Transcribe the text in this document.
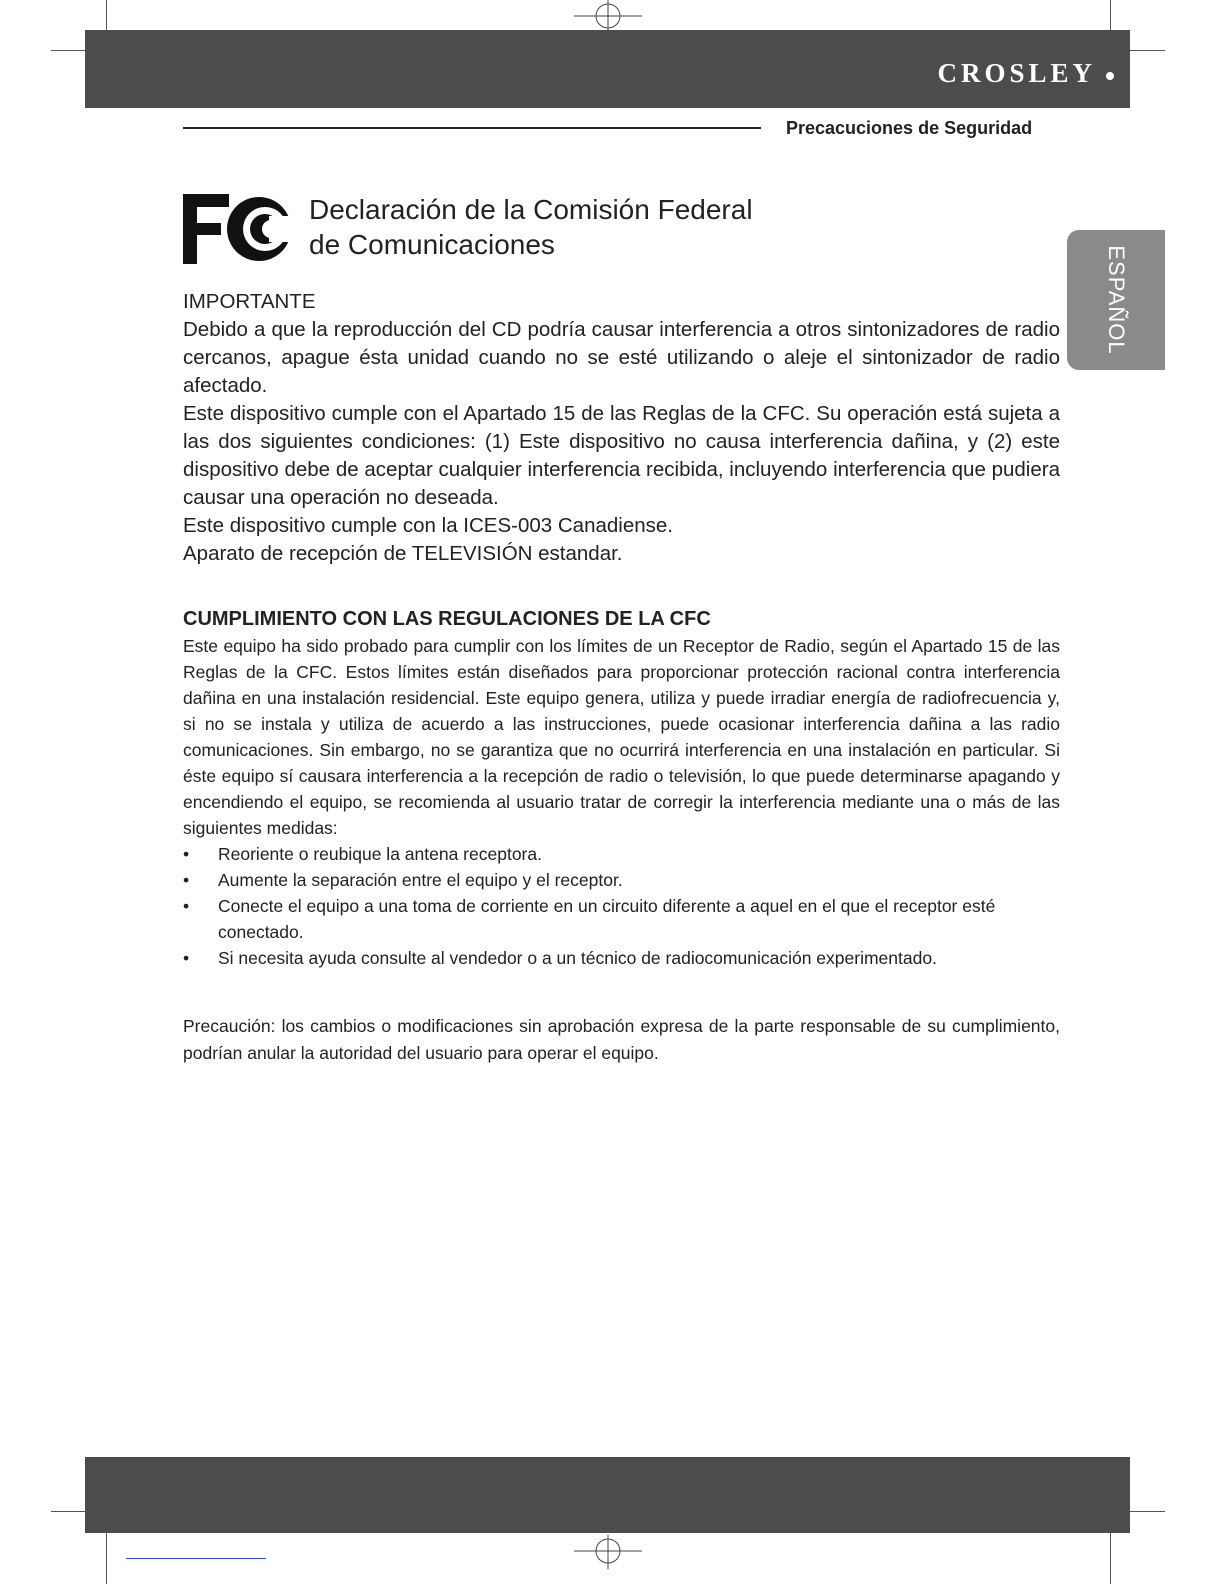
CROSLEY
Precacuciones de Seguridad
ESPAÑOL
Declaración de la Comisión Federal
de Comunicaciones

IMPORTANTE

Debido a que la reproducción del CD podría causar interferencia a otros sintonizadores de radio cercanos, apague ésta unidad cuando no se esté utilizando o aleje el sintonizador de radio afectado.

Este dispositivo cumple con el Apartado 15 de las Reglas de la CFC. Su operación está sujeta a las dos siguientes condiciones: (1) Este dispositivo no causa interferencia dañina, y (2) este dispositivo debe de aceptar cualquier interferencia recibida, incluyendo interferencia que pudiera causar una operación no deseada.

Este dispositivo cumple con la ICES-003 Canadiense.

Aparato de recepción de TELEVISIÓN estandar.

CUMPLIMIENTO CON LAS REGULACIONES DE LA CFC

Este equipo ha sido probado para cumplir con los límites de un Receptor de Radio, según el Apartado 15 de las Reglas de la CFC. Estos límites están diseñados para proporcionar protección racional contra interferencia dañina en una instalación residencial. Este equipo genera, utiliza y puede irradiar energía de radiofrecuencia y, si no se instala y utiliza de acuerdo a las instrucciones, puede ocasionar interferencia dañina a las radio comunicaciones. Sin embargo, no se garantiza que no ocurrirá interferencia en una instalación en particular. Si éste equipo sí causara interferencia a la recepción de radio o televisión, lo que puede determinarse apagando y encendiendo el equipo, se recomienda al usuario tratar de corregir la interferencia mediante una o más de las siguientes medidas:

• Reoriente o reubique la antena receptora.
• Aumente la separación entre el equipo y el receptor.
• Conecte el equipo a una toma de corriente en un circuito diferente a aquel en el que el receptor esté conectado.
• Si necesita ayuda consulte al vendedor o a un técnico de radiocomunicación experimentado.

Precaución: los cambios o modificaciones sin aprobación expresa de la parte responsable de su cumplimiento, podrían anular la autoridad del usuario para operar el equipo.
